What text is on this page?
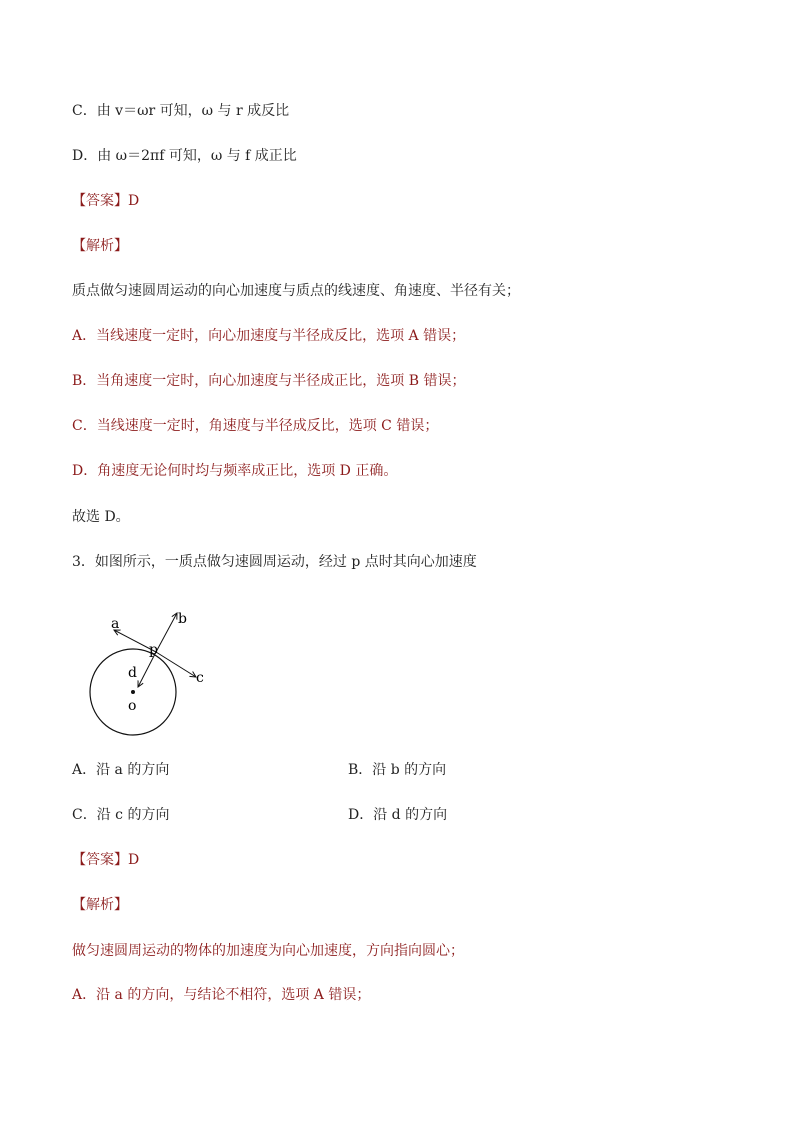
C．由 v＝ωr 可知，ω 与 r 成反比
D．由 ω＝2πf 可知，ω 与 f 成正比
【答案】D
【解析】
质点做匀速圆周运动的向心加速度与质点的线速度、角速度、半径有关；
A．当线速度一定时，向心加速度与半径成反比，选项 A 错误；
B．当角速度一定时，向心加速度与半径成正比，选项 B 错误；
C．当线速度一定时，角速度与半径成反比，选项 C 错误；
D．角速度无论何时均与频率成正比，选项 D 正确。
故选 D。
3．如图所示，一质点做匀速圆周运动，经过 p 点时其向心加速度
a	b
p
c
d
o
A．沿 a 的方向	B．沿 b 的方向
C．沿 c 的方向	D．沿 d 的方向
【答案】D
【解析】
做匀速圆周运动的物体的加速度为向心加速度，方向指向圆心；
A．沿 a 的方向，与结论不相符，选项 A 错误；
